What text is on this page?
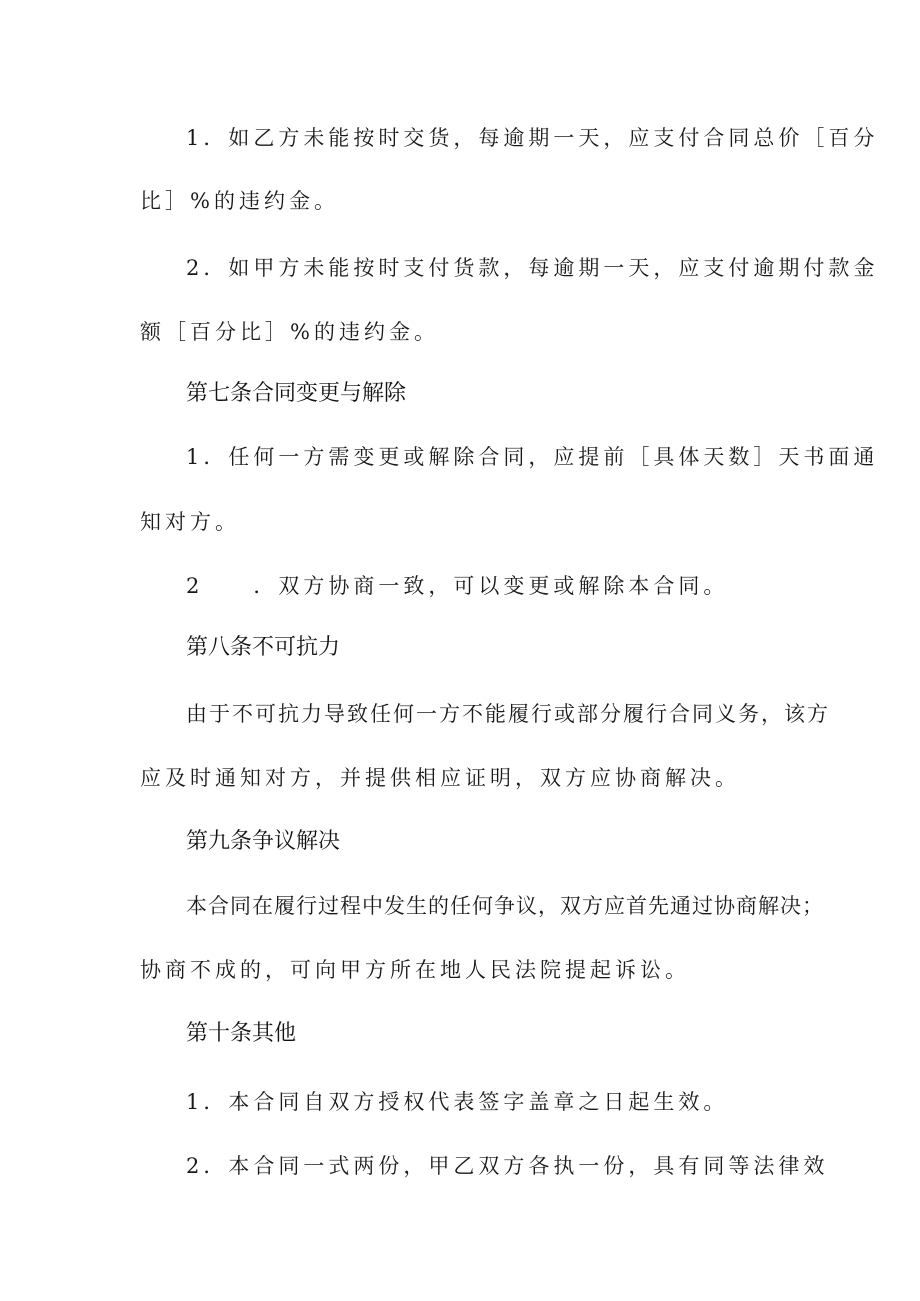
1．如乙方未能按时交货，每逾期一天，应支付合同总价［百分
比］%的违约金。
2．如甲方未能按时支付货款，每逾期一天，应支付逾期付款金
额［百分比］%的违约金。
第七条合同变更与解除
1．任何一方需变更或解除合同，应提前［具体天数］天书面通
知对方。
2　　．双方协商一致，可以变更或解除本合同。
第八条不可抗力
由于不可抗力导致任何一方不能履行或部分履行合同义务，该方
应及时通知对方，并提供相应证明，双方应协商解决。
第九条争议解决
本合同在履行过程中发生的任何争议，双方应首先通过协商解决；
协商不成的，可向甲方所在地人民法院提起诉讼。
第十条其他
1．本合同自双方授权代表签字盖章之日起生效。
2．本合同一式两份，甲乙双方各执一份，具有同等法律效
